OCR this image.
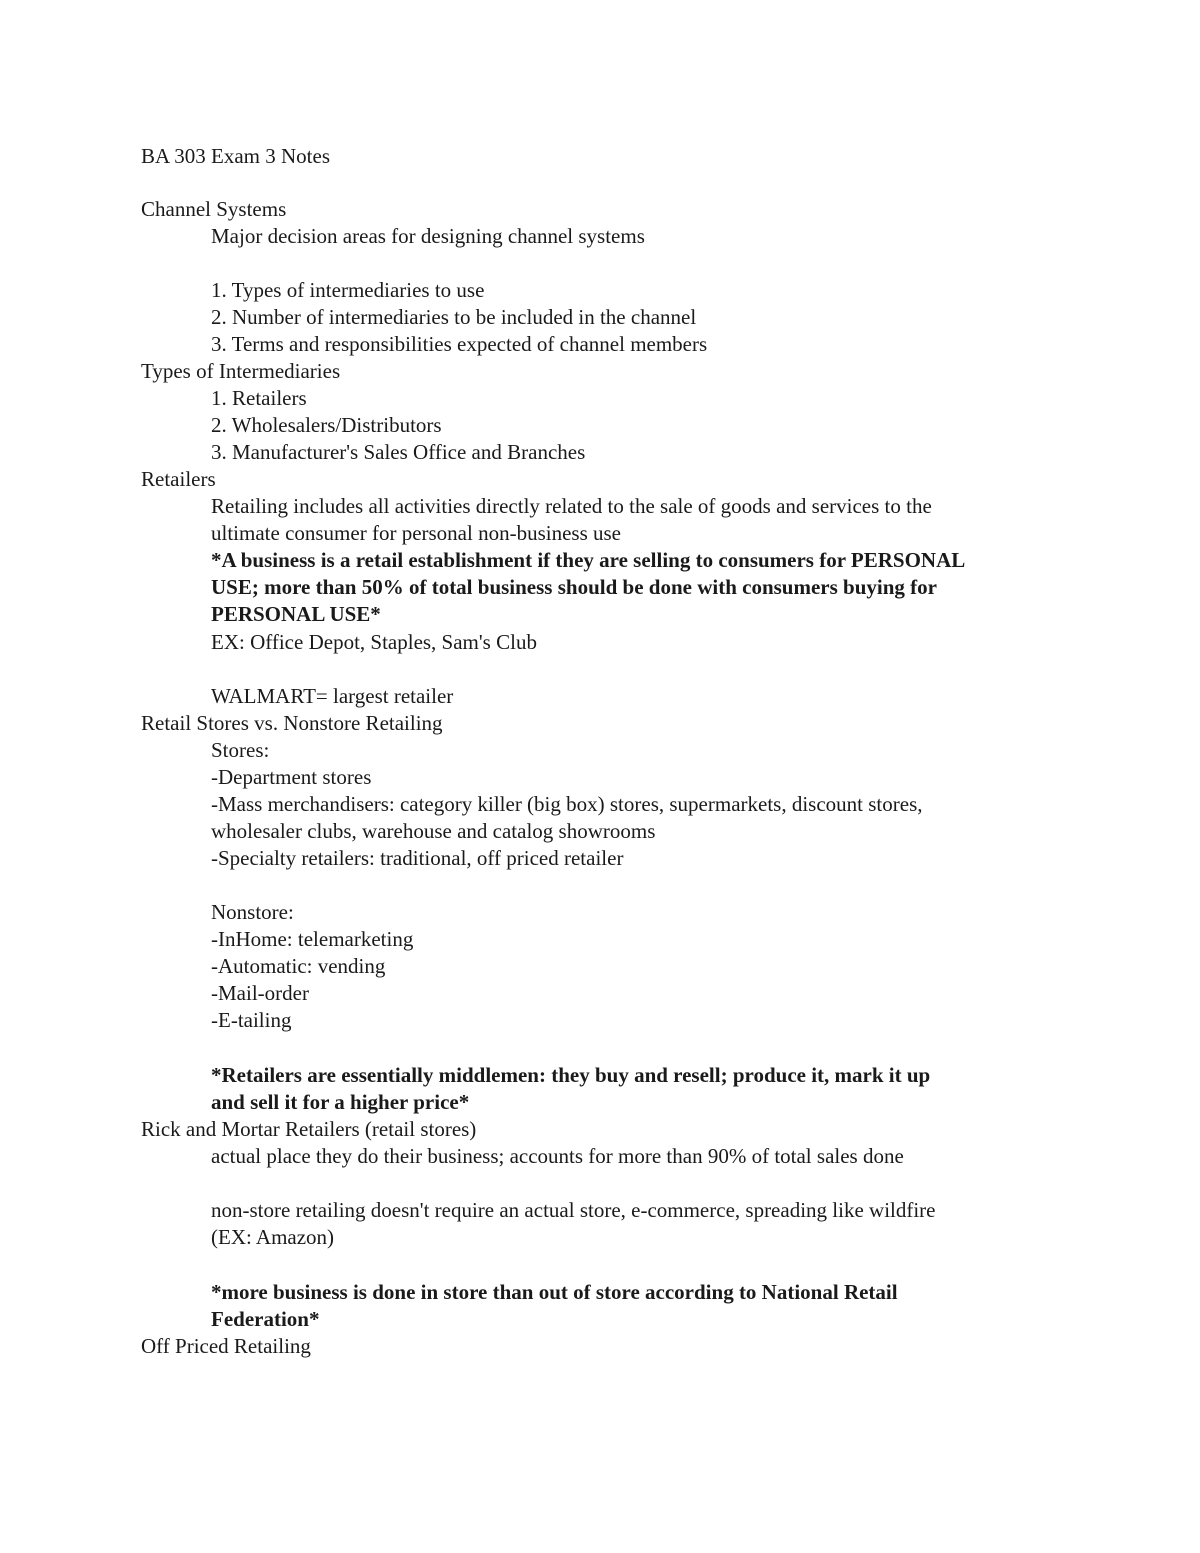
BA 303 Exam 3 Notes
Channel Systems
Major decision areas for designing channel systems
1. Types of intermediaries to use
2. Number of intermediaries to be included in the channel
3. Terms and responsibilities expected of channel members
Types of Intermediaries
1. Retailers
2. Wholesalers/Distributors
3. Manufacturer's Sales Office and Branches
Retailers
Retailing includes all activities directly related to the sale of goods and services to the
ultimate consumer for personal non-business use
*A business is a retail establishment if they are selling to consumers for PERSONAL
USE; more than 50% of total business should be done with consumers buying for
PERSONAL USE*
EX: Office Depot, Staples, Sam's Club
WALMART= largest retailer
Retail Stores vs. Nonstore Retailing
Stores:
-Department stores
-Mass merchandisers: category killer (big box) stores, supermarkets, discount stores,
wholesaler clubs, warehouse and catalog showrooms
-Specialty retailers: traditional, off priced retailer
Nonstore:
-InHome: telemarketing
-Automatic: vending
-Mail-order
-E-tailing
*Retailers are essentially middlemen: they buy and resell; produce it, mark it up
and sell it for a higher price*
Rick and Mortar Retailers (retail stores)
actual place they do their business; accounts for more than 90% of total sales done
non-store retailing doesn't require an actual store, e-commerce, spreading like wildfire
(EX: Amazon)
*more business is done in store than out of store according to National Retail
Federation*
Off Priced Retailing
